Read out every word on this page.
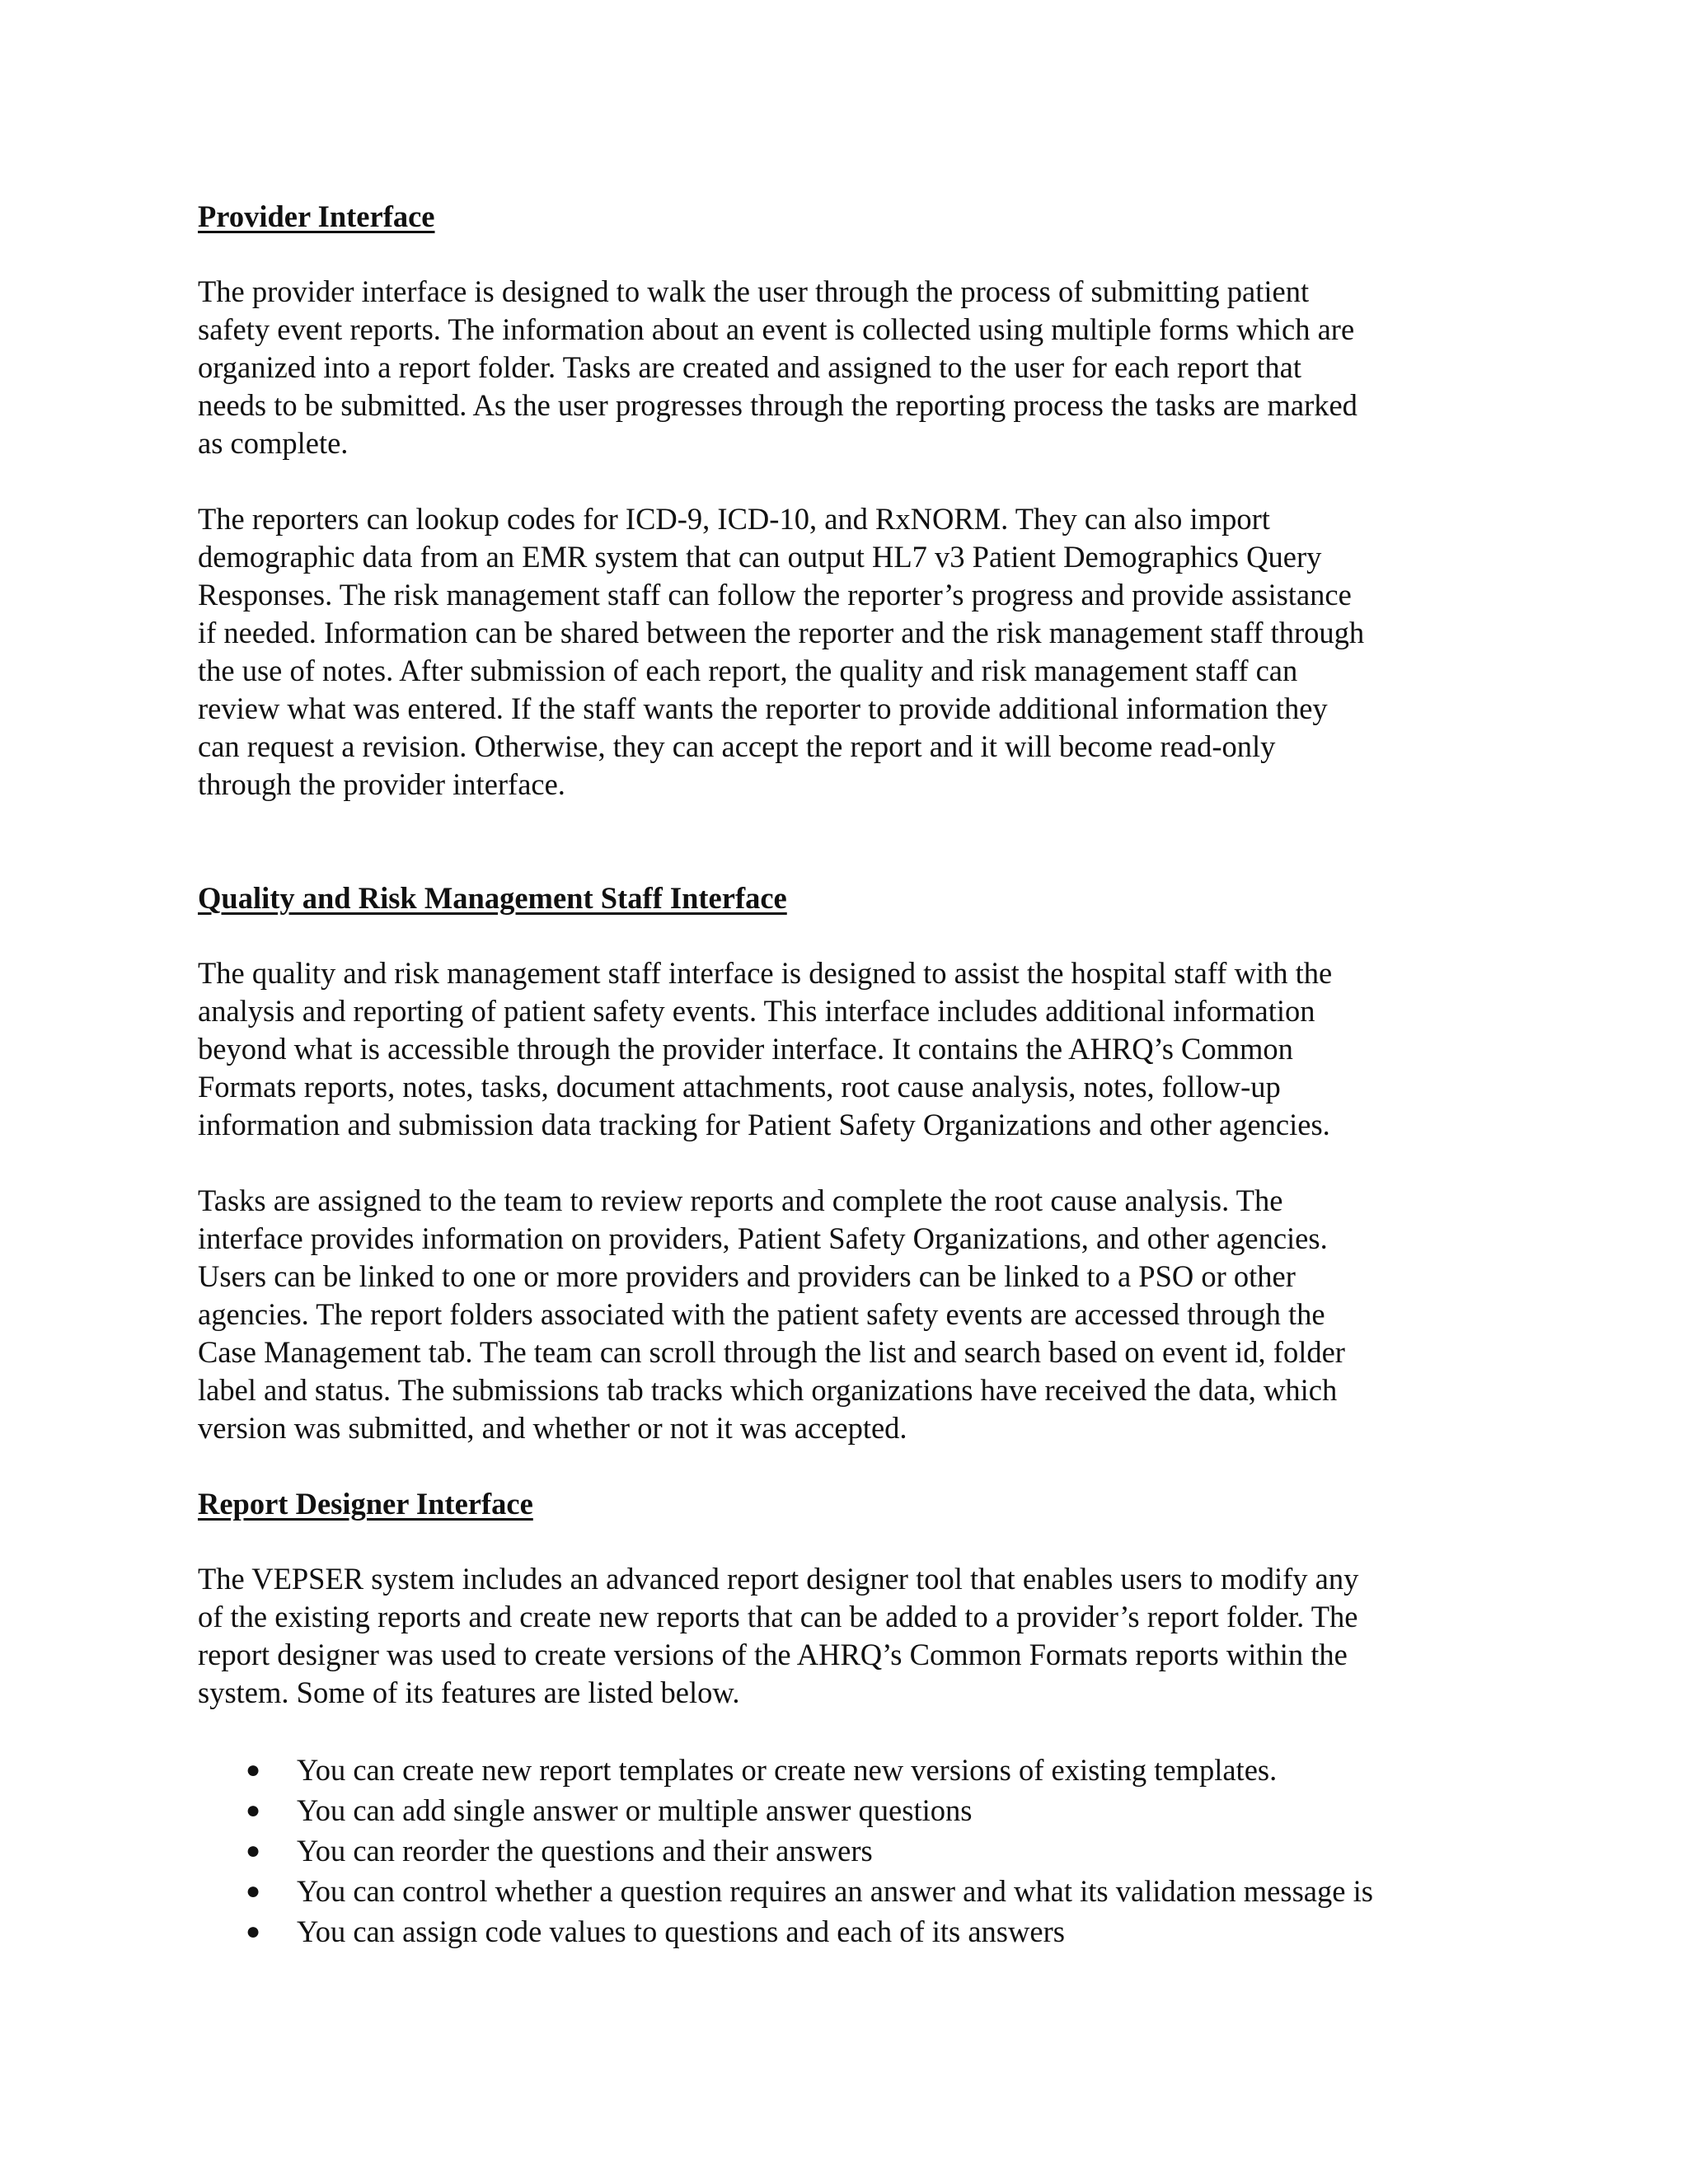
Provider Interface

The provider interface is designed to walk the user through the process of submitting patient
safety event reports. The information about an event is collected using multiple forms which are
organized into a report folder. Tasks are created and assigned to the user for each report that
needs to be submitted. As the user progresses through the reporting process the tasks are marked
as complete.

The reporters can lookup codes for ICD-9, ICD-10, and RxNORM. They can also import
demographic data from an EMR system that can output HL7 v3 Patient Demographics Query
Responses. The risk management staff can follow the reporter’s progress and provide assistance
if needed. Information can be shared between the reporter and the risk management staff through
the use of notes. After submission of each report, the quality and risk management staff can
review what was entered. If the staff wants the reporter to provide additional information they
can request a revision. Otherwise, they can accept the report and it will become read-only
through the provider interface.

Quality and Risk Management Staff Interface

The quality and risk management staff interface is designed to assist the hospital staff with the
analysis and reporting of patient safety events. This interface includes additional information
beyond what is accessible through the provider interface. It contains the AHRQ’s Common
Formats reports, notes, tasks, document attachments, root cause analysis, notes, follow-up
information and submission data tracking for Patient Safety Organizations and other agencies.

Tasks are assigned to the team to review reports and complete the root cause analysis. The
interface provides information on providers, Patient Safety Organizations, and other agencies.
Users can be linked to one or more providers and providers can be linked to a PSO or other
agencies. The report folders associated with the patient safety events are accessed through the
Case Management tab. The team can scroll through the list and search based on event id, folder
label and status. The submissions tab tracks which organizations have received the data, which
version was submitted, and whether or not it was accepted.

Report Designer Interface

The VEPSER system includes an advanced report designer tool that enables users to modify any
of the existing reports and create new reports that can be added to a provider’s report folder. The
report designer was used to create versions of the AHRQ’s Common Formats reports within the
system. Some of its features are listed below.

● You can create new report templates or create new versions of existing templates.
● You can add single answer or multiple answer questions
● You can reorder the questions and their answers
● You can control whether a question requires an answer and what its validation message is
● You can assign code values to questions and each of its answers
